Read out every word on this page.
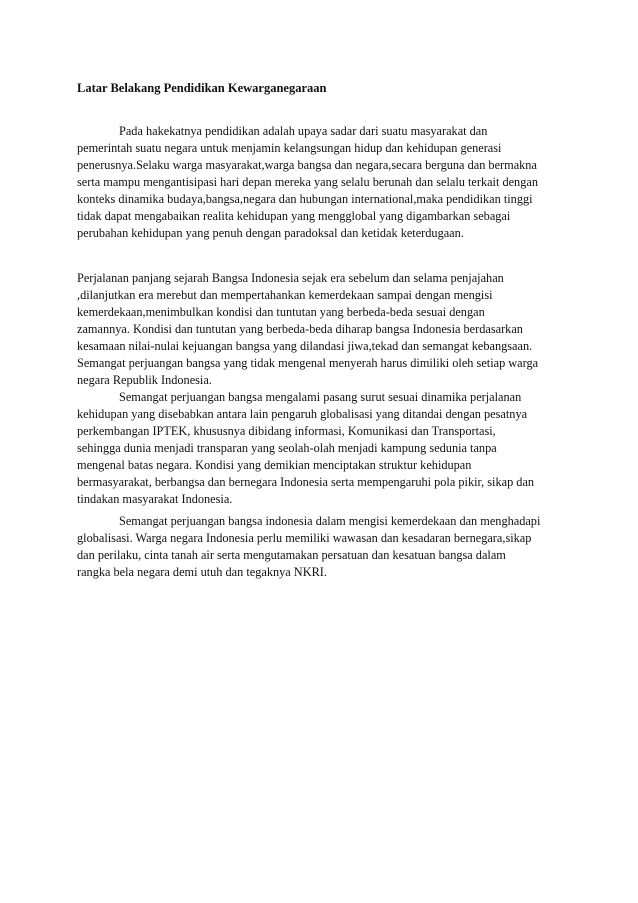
Latar Belakang Pendidikan Kewarganegaraan
Pada hakekatnya pendidikan adalah upaya sadar dari suatu masyarakat dan
pemerintah suatu negara untuk menjamin kelangsungan hidup dan kehidupan generasi
penerusnya.Selaku warga masyarakat,warga bangsa dan negara,secara berguna dan bermakna
serta mampu mengantisipasi hari depan mereka yang selalu berunah dan selalu terkait dengan
konteks dinamika budaya,bangsa,negara dan hubungan international,maka pendidikan tinggi
tidak dapat mengabaikan realita kehidupan yang mengglobal yang digambarkan sebagai
perubahan kehidupan yang penuh dengan paradoksal dan ketidak keterdugaan.
Perjalanan panjang sejarah Bangsa Indonesia sejak era sebelum dan selama penjajahan
,dilanjutkan era merebut dan mempertahankan kemerdekaan sampai dengan mengisi
kemerdekaan,menimbulkan kondisi dan tuntutan yang berbeda-beda sesuai dengan
zamannya. Kondisi dan tuntutan yang berbeda-beda diharap bangsa Indonesia berdasarkan
kesamaan nilai-nulai kejuangan bangsa yang dilandasi jiwa,tekad dan semangat kebangsaan.
Semangat perjuangan bangsa yang tidak mengenal menyerah harus dimiliki oleh setiap warga
negara Republik Indonesia.
Semangat perjuangan bangsa mengalami pasang surut sesuai dinamika perjalanan
kehidupan yang disebabkan antara lain pengaruh globalisasi yang ditandai dengan pesatnya
perkembangan IPTEK, khususnya dibidang informasi, Komunikasi dan Transportasi,
sehingga dunia menjadi transparan yang seolah-olah menjadi kampung sedunia tanpa
mengenal batas negara. Kondisi yang demikian menciptakan struktur kehidupan
bermasyarakat, berbangsa dan bernegara Indonesia serta mempengaruhi pola pikir, sikap dan
tindakan masyarakat Indonesia.
Semangat perjuangan bangsa indonesia dalam mengisi kemerdekaan dan menghadapi
globalisasi. Warga negara Indonesia perlu memiliki wawasan dan kesadaran bernegara,sikap
dan perilaku, cinta tanah air serta mengutamakan persatuan dan kesatuan bangsa dalam
rangka bela negara demi utuh dan tegaknya NKRI.
